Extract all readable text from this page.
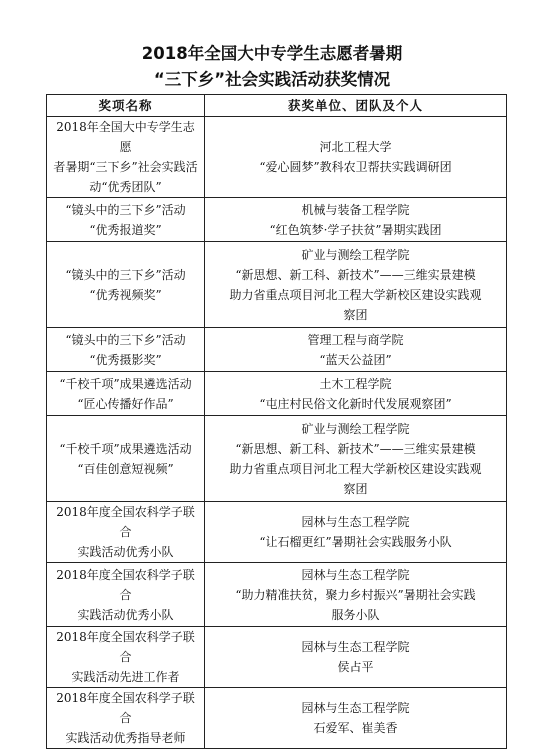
2018年全国大中专学生志愿者暑期
“三下乡”社会实践活动获奖情况
奖项名称	获奖单位、团队及个人

2018年全国大中专学生志愿
者暑期“三下乡”社会实践活
动“优秀团队”	河北工程大学
“爱心圆梦”教科农卫帮扶实践调研团

“镜头中的三下乡”活动
“优秀报道奖”	机械与装备工程学院
“红色筑梦·学子扶贫”暑期实践团

“镜头中的三下乡”活动
“优秀视频奖”	矿业与测绘工程学院
“新思想、新工科、新技术”——三维实景建模
助力省重点项目河北工程大学新校区建设实践观
察团

“镜头中的三下乡”活动
“优秀摄影奖”	管理工程与商学院
“蓝天公益团”

“千校千项”成果遴选活动
“匠心传播好作品”	土木工程学院
“屯庄村民俗文化新时代发展观察团”

“千校千项”成果遴选活动
“百佳创意短视频”	矿业与测绘工程学院
“新思想、新工科、新技术”——三维实景建模
助力省重点项目河北工程大学新校区建设实践观
察团

2018年度全国农科学子联合
实践活动优秀小队	园林与生态工程学院
“让石榴更红”暑期社会实践服务小队

2018年度全国农科学子联合
实践活动优秀小队	园林与生态工程学院
“助力精准扶贫，聚力乡村振兴”暑期社会实践
服务小队

2018年度全国农科学子联合
实践活动先进工作者	园林与生态工程学院
侯占平

2018年度全国农科学子联合
实践活动优秀指导老师	园林与生态工程学院
石爱军、崔美香
